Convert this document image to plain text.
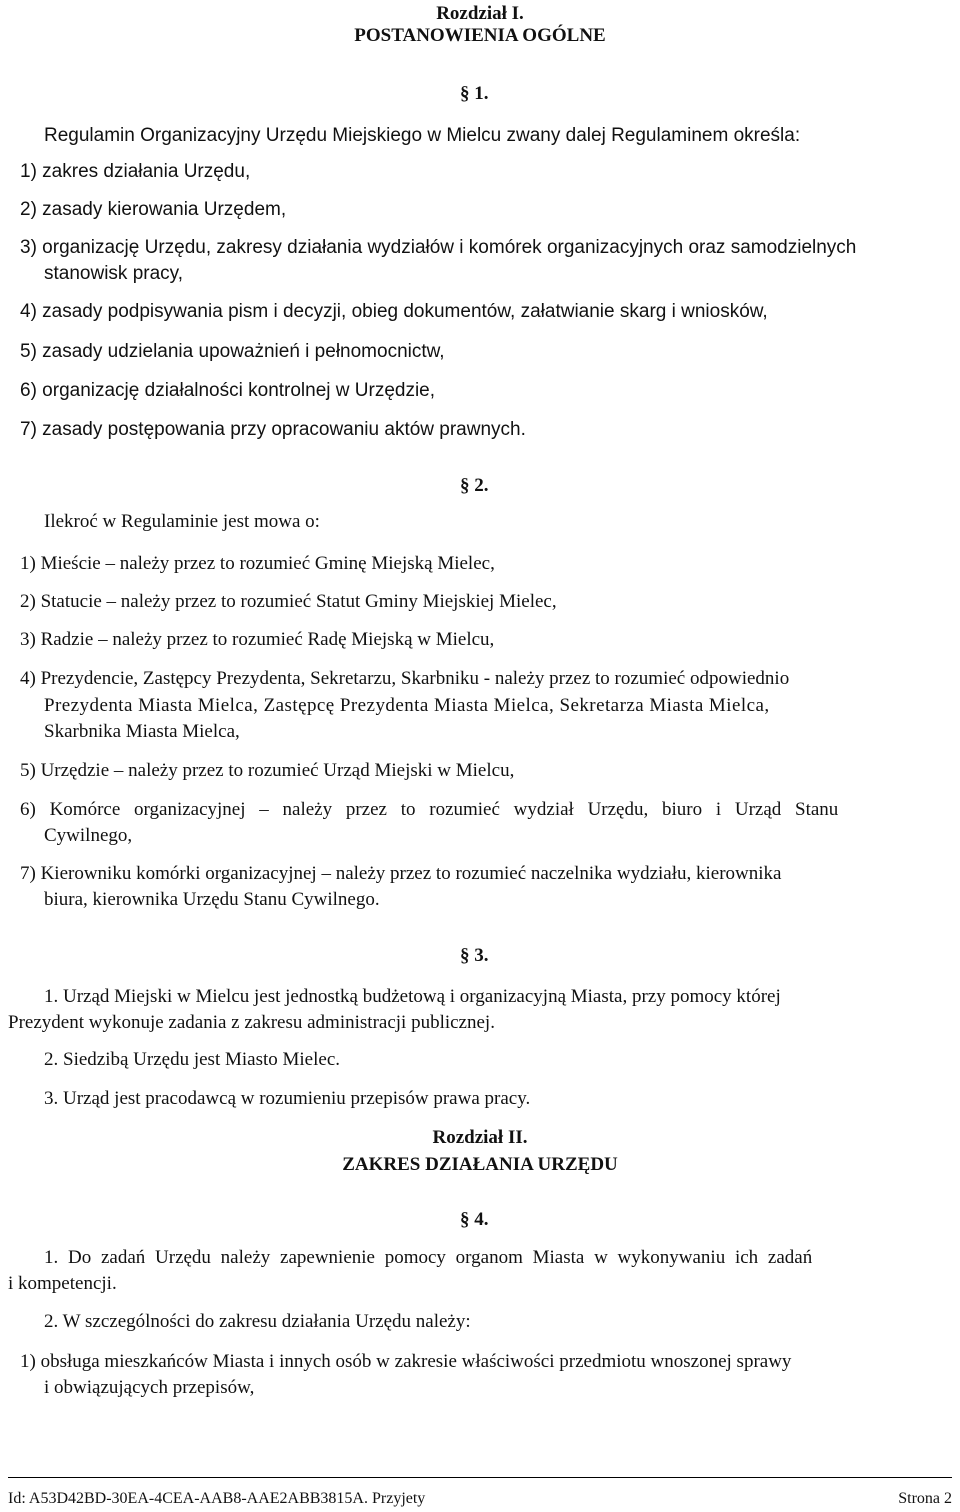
Rozdział I.
POSTANOWIENIA OGÓLNE
§ 1.
Regulamin Organizacyjny Urzędu Miejskiego w Mielcu zwany dalej Regulaminem określa:
1) zakres działania Urzędu,
2) zasady kierowania Urzędem,
3) organizację Urzędu, zakresy działania wydziałów i komórek organizacyjnych oraz samodzielnych
stanowisk pracy,
4) zasady podpisywania pism i decyzji, obieg dokumentów, załatwianie skarg i wniosków,
5) zasady udzielania upoważnień i pełnomocnictw,
6) organizację działalności kontrolnej w Urzędzie,
7) zasady postępowania przy opracowaniu aktów prawnych.
§ 2.
Ilekroć w Regulaminie jest mowa o:
1) Mieście – należy przez to rozumieć Gminę Miejską Mielec,
2) Statucie – należy przez to rozumieć Statut Gminy Miejskiej Mielec,
3) Radzie – należy przez to rozumieć Radę Miejską w Mielcu,
4) Prezydencie, Zastępcy Prezydenta, Sekretarzu, Skarbniku - należy przez to rozumieć odpowiednio
Prezydenta Miasta Mielca, Zastępcę Prezydenta Miasta Mielca, Sekretarza Miasta Mielca,
Skarbnika Miasta Mielca,
5) Urzędzie – należy przez to rozumieć Urząd Miejski w Mielcu,
6) Komórce organizacyjnej – należy przez to rozumieć wydział Urzędu, biuro i Urząd Stanu
Cywilnego,
7) Kierowniku komórki organizacyjnej – należy przez to rozumieć naczelnika wydziału, kierownika
biura, kierownika Urzędu Stanu Cywilnego.
§ 3.
1. Urząd Miejski w Mielcu jest jednostką budżetową i organizacyjną Miasta, przy pomocy której
Prezydent wykonuje zadania z zakresu administracji publicznej.
2. Siedzibą Urzędu jest Miasto Mielec.
3. Urząd jest pracodawcą w rozumieniu przepisów prawa pracy.
Rozdział II.
ZAKRES DZIAŁANIA URZĘDU
§ 4.
1. Do zadań Urzędu należy zapewnienie pomocy organom Miasta w wykonywaniu ich zadań
i kompetencji.
2. W szczególności do zakresu działania Urzędu należy:
1) obsługa mieszkańców Miasta i innych osób w zakresie właściwości przedmiotu wnoszonej sprawy
i obwiązujących przepisów,
Id: A53D42BD-30EA-4CEA-AAB8-AAE2ABB3815A. Przyjety	Strona 2
